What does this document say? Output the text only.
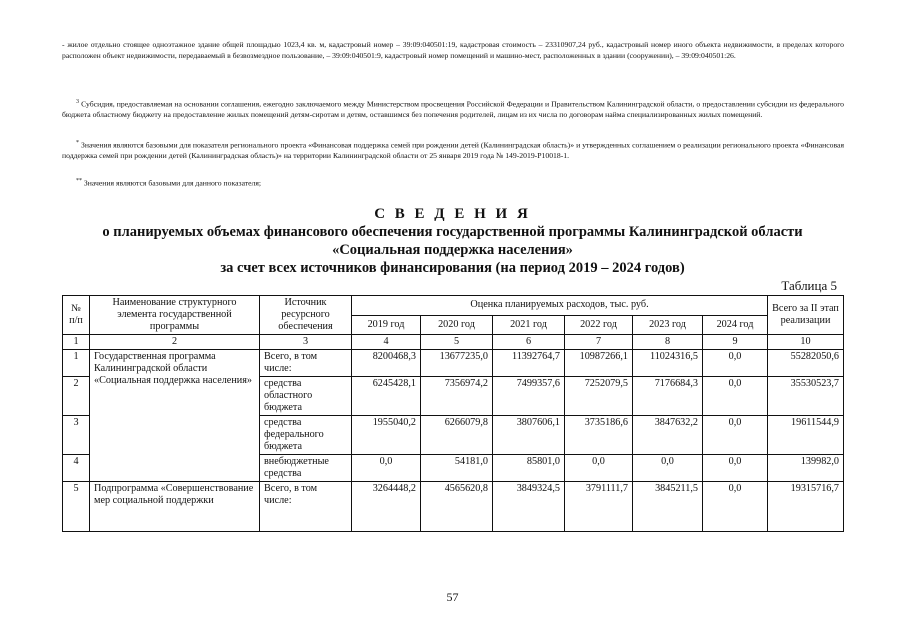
- жилое отдельно стоящее одноэтажное здание общей площадью 1023,4 кв. м, кадастровый номер – 39:09:040501:19, кадастровая стоимость – 23310907,24 руб., кадастровый номер иного объекта недвижимости, в пределах которого расположен объект недвижимости, передаваемый в безвозмездное пользование, – 39:09:040501:9, кадастровый номер помещений и машино-мест, расположенных в здании (сооружении), – 39:09:040501:26.
$^3$ Субсидия, предоставляемая на основании соглашения, ежегодно заключаемого между Министерством просвещения Российской Федерации и Правительством Калининградской области, о предоставлении субсидии из федерального бюджета областному бюджету на предоставление жилых помещений детям-сиротам и детям, оставшимся без попечения родителей, лицам из их числа по договорам найма специализированных жилых помещений.
* Значения являются базовыми для показателя регионального проекта «Финансовая поддержка семей при рождении детей (Калининградская область)» и утвержденных соглашением о реализации регионального проекта «Финансовая поддержка семей при рождении детей (Калининградская область)» на территории Калининградской области от 25 января 2019 года № 149-2019-Р10018-1.
** Значения являются базовыми для данного показателя;
С В Е Д Е Н И Я
о планируемых объемах финансового обеспечения государственной программы Калининградской области
«Социальная поддержка населения»
за счет всех источников финансирования (на период 2019 – 2024 годов)
Таблица 5
№ п/п	Наименование структурного элемента государственной программы	Источник ресурсного обеспечения	Оценка планируемых расходов, тыс. руб.						Всего за II этап реализации
			2019 год	2020 год	2021 год	2022 год	2023 год	2024 год	
1	2	3	4	5	6	7	8	9	10
1	Государственная программа Калининградской области «Социальная поддержка населения»	Всего, в том числе:	8200468,3	13677235,0	11392764,7	10987266,1	11024316,5	0,0	55282050,6
2		средства областного бюджета	6245428,1	7356974,2	7499357,6	7252079,5	7176684,3	0,0	35530523,7
3		средства федерального бюджета	1955040,2	6266079,8	3807606,1	3735186,6	3847632,2	0,0	19611544,9
4		внебюджетные средства	0,0	54181,0	85801,0	0,0	0,0	0,0	139982,0
5	Подпрограмма «Совершенствование мер социальной поддержки	Всего, в том числе:	3264448,2	4565620,8	3849324,5	3791111,7	3845211,5	0,0	19315716,7
57
